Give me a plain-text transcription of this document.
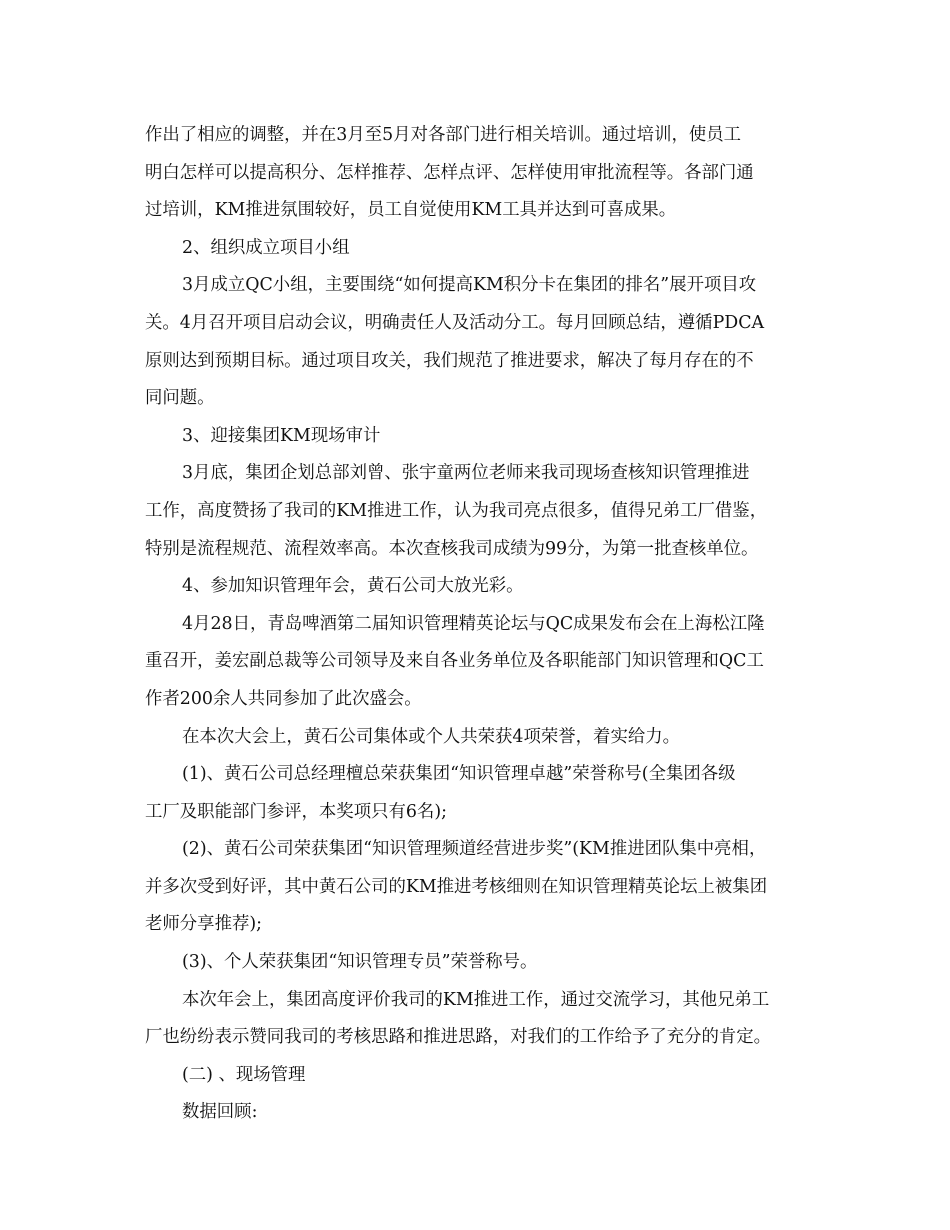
作出了相应的调整，并在3月至5月对各部门进行相关培训。通过培训，使员工
明白怎样可以提高积分、怎样推荐、怎样点评、怎样使用审批流程等。各部门通
过培训，KM推进氛围较好，员工自觉使用KM工具并达到可喜成果。
2、组织成立项目小组
3月成立QC小组，主要围绕“如何提高KM积分卡在集团的排名”展开项目攻
关。4月召开项目启动会议，明确责任人及活动分工。每月回顾总结，遵循PDCA
原则达到预期目标。通过项目攻关，我们规范了推进要求，解决了每月存在的不
同问题。
3、迎接集团KM现场审计
3月底，集团企划总部刘曾、张宇童两位老师来我司现场查核知识管理推进
工作，高度赞扬了我司的KM推进工作，认为我司亮点很多，值得兄弟工厂借鉴，
特别是流程规范、流程效率高。本次查核我司成绩为99分，为第一批查核单位。
4、参加知识管理年会，黄石公司大放光彩。
4月28日，青岛啤酒第二届知识管理精英论坛与QC成果发布会在上海松江隆
重召开，姜宏副总裁等公司领导及来自各业务单位及各职能部门知识管理和QC工
作者200余人共同参加了此次盛会。
在本次大会上，黄石公司集体或个人共荣获4项荣誉，着实给力。
(1)、黄石公司总经理檀总荣获集团“知识管理卓越”荣誉称号(全集团各级
工厂及职能部门参评，本奖项只有6名);
(2)、黄石公司荣获集团“知识管理频道经营进步奖”(KM推进团队集中亮相，
并多次受到好评，其中黄石公司的KM推进考核细则在知识管理精英论坛上被集团
老师分享推荐);
(3)、个人荣获集团“知识管理专员”荣誉称号。
本次年会上，集团高度评价我司的KM推进工作，通过交流学习，其他兄弟工
厂也纷纷表示赞同我司的考核思路和推进思路，对我们的工作给予了充分的肯定。
(二) 、现场管理
数据回顾:
